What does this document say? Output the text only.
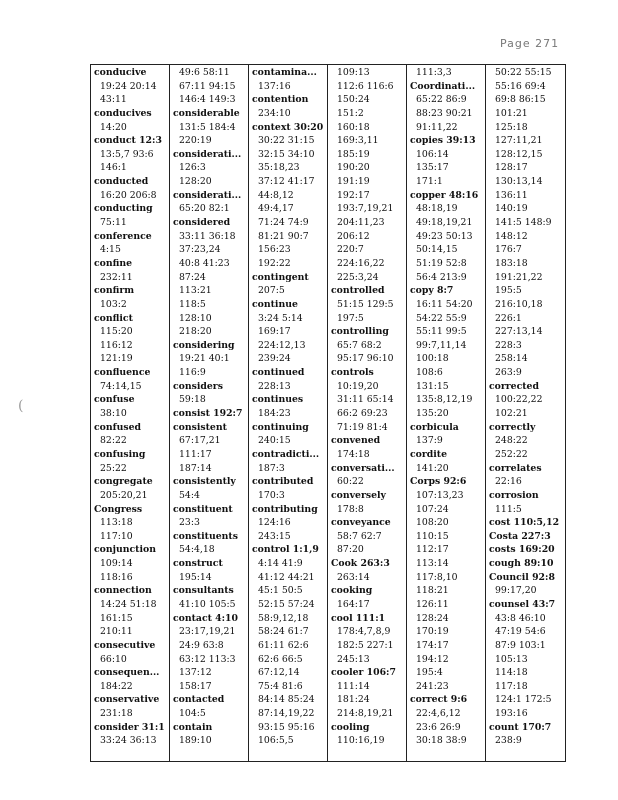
Page 271
(
conducive
19:24 20:14
43:11
conducives
14:20
conduct 12:3
13:5,7 93:6
146:1
conducted
16:20 206:8
conducting
75:11
conference
4:15
confine
232:11
confirm
103:2
conflict
115:20
116:12
121:19
confluence
74:14,15
confuse
38:10
confused
82:22
confusing
25:22
congregate
205:20,21
Congress
113:18
117:10
conjunction
109:14
118:16
connection
14:24 51:18
161:15
210:11
consecutive
66:10
consequen...
184:22
conservative
231:18
consider 31:1
33:24 36:13
49:6 58:11
67:11 94:15
146:4 149:3
considerable
131:5 184:4
220:19
considerati...
126:3
128:20
considerati...
65:20 82:1
considered
33:11 36:18
37:23,24
40:8 41:23
87:24
113:21
118:5
128:10
218:20
considering
19:21 40:1
116:9
considers
59:18
consist 192:7
consistent
67:17,21
111:17
187:14
consistently
54:4
constituent
23:3
constituents
54:4,18
construct
195:14
consultants
41:10 105:5
contact 4:10
23:17,19,21
24:9 63:8
63:12 113:3
137:12
158:17
contacted
104:5
contain
189:10
contamina...
137:16
contention
234:10
context 30:20
30:22 31:15
32:15 34:10
35:18,23
37:12 41:17
44:8,12
49:4,17
71:24 74:9
81:21 90:7
156:23
192:22
contingent
207:5
continue
3:24 5:14
169:17
224:12,13
239:24
continued
228:13
continues
184:23
continuing
240:15
contradicti...
187:3
contributed
170:3
contributing
124:16
243:15
control 1:1,9
4:14 41:9
41:12 44:21
45:1 50:5
52:15 57:24
58:9,12,18
58:24 61:7
61:11 62:6
62:6 66:5
67:12,14
75:4 81:6
84:14 85:24
87:14,19,22
93:15 95:16
106:5,5
109:13
112:6 116:6
150:24
151:2
160:18
169:3,11
185:19
190:20
191:19
192:17
193:7,19,21
204:11,23
206:12
220:7
224:16,22
225:3,24
controlled
51:15 129:5
197:5
controlling
65:7 68:2
95:17 96:10
controls
10:19,20
31:11 65:14
66:2 69:23
71:19 81:4
convened
174:18
conversati...
60:22
conversely
178:8
conveyance
58:7 62:7
87:20
Cook 263:3
263:14
cooking
164:17
cool 111:1
178:4,7,8,9
182:5 227:1
245:13
cooler 106:7
111:14
181:24
214:8,19,21
cooling
110:16,19
111:3,3
Coordinati...
65:22 86:9
88:23 90:21
91:11,22
copies 39:13
106:14
135:17
171:1
copper 48:16
48:18,19
49:18,19,21
49:23 50:13
50:14,15
51:19 52:8
56:4 213:9
copy 8:7
16:11 54:20
54:22 55:9
55:11 99:5
99:7,11,14
100:18
108:6
131:15
135:8,12,19
135:20
corbicula
137:9
cordite
141:20
Corps 92:6
107:13,23
107:24
108:20
110:15
112:17
113:14
117:8,10
118:21
126:11
128:24
170:19
174:17
194:12
195:4
241:23
correct 9:6
22:4,6,12
23:6 26:9
30:18 38:9
50:22 55:15
55:16 69:4
69:8 86:15
101:21
125:18
127:11,21
128:12,15
128:17
130:13,14
136:11
140:19
141:5 148:9
148:12
176:7
183:18
191:21,22
195:5
216:10,18
226:1
227:13,14
228:3
258:14
263:9
corrected
100:22,22
102:21
correctly
248:22
252:22
correlates
22:16
corrosion
111:5
cost 110:5,12
Costa 227:3
costs 169:20
cough 89:10
Council 92:8
99:17,20
counsel 43:7
43:8 46:10
47:19 54:6
87:9 103:1
105:13
114:18
117:18
124:1 172:5
193:16
count 170:7
238:9
